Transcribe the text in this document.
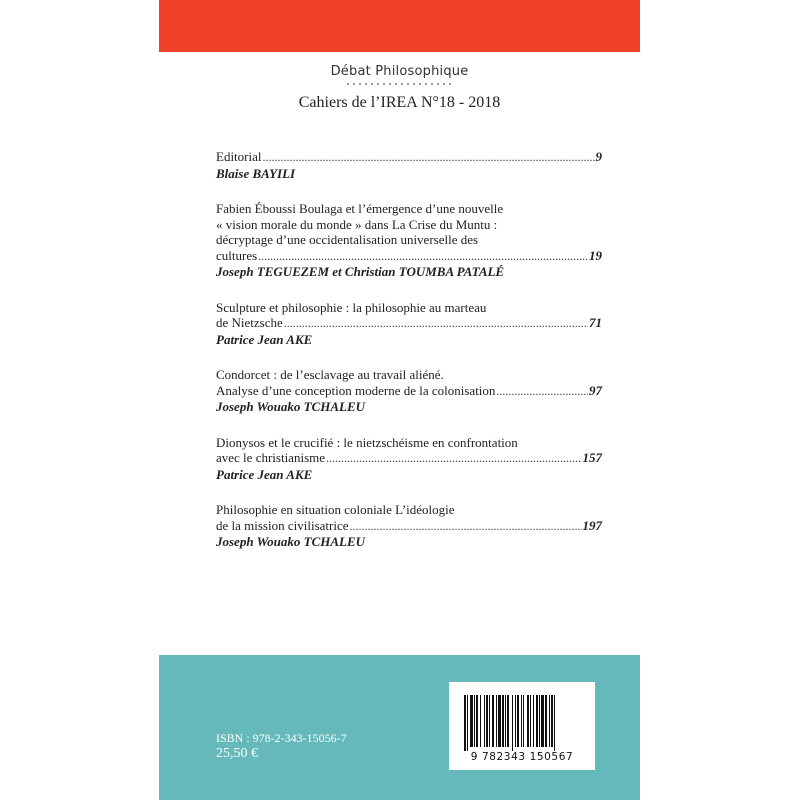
Débat Philosophique
Cahiers de l’IREA N°18 - 2018
Editorial .....	9
Blaise BAYILI
Fabien Éboussi Boulaga et l’émergence d’une nouvelle
« vision morale du monde » dans La Crise du Muntu :
décryptage d’une occidentalisation universelle des
cultures .....	19
Joseph TEGUEZEM et Christian TOUMBA PATALÉ
Sculpture et philosophie : la philosophie au marteau
de Nietzsche .....	71
Patrice Jean AKE
Condorcet : de l’esclavage au travail aliéné.
Analyse d’une conception moderne de la colonisation .....	97
Joseph Wouako TCHALEU
Dionysos et le crucifié : le nietzschéisme en confrontation
avec le christianisme .....	157
Patrice Jean AKE
Philosophie en situation coloniale L’idéologie
de la mission civilisatrice .....	197
Joseph Wouako TCHALEU
ISBN : 978-2-343-15056-7
25,50 €	9 782343 150567
